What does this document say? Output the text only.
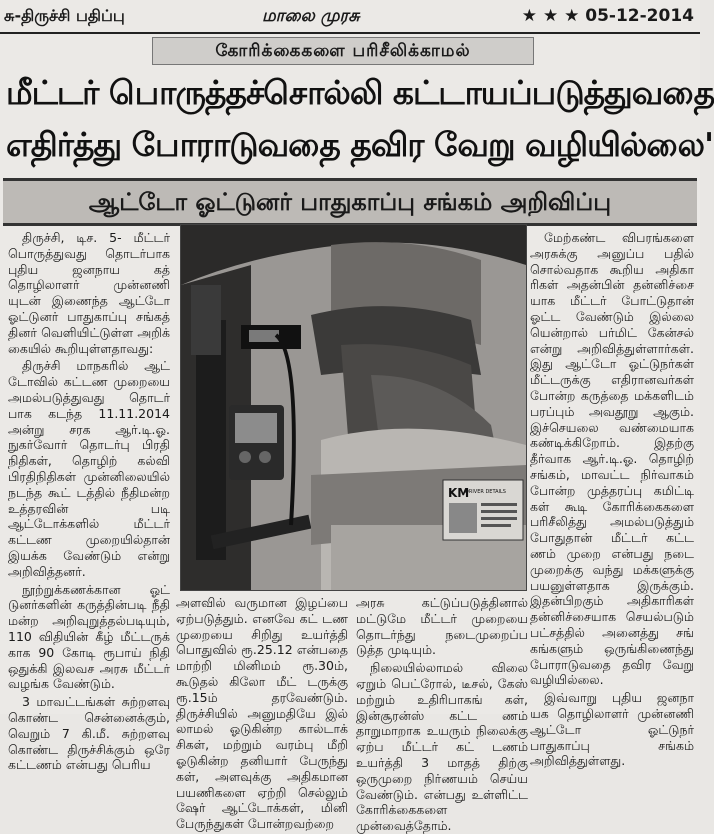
சு-திருச்சி பதிப்பு	மாலை முரசு	★ ★ ★ 05-12-2014
கோரிக்கைகளை பரிசீலிக்காமல்
மீட்டர் பொருத்தச்சொல்லி கட்டாயப்படுத்துவதை
எதிர்த்து போராடுவதை தவிர வேறு வழியில்லை'
ஆட்டோ ஓட்டுனர் பாதுகாப்பு சங்கம் அறிவிப்பு

திருச்சி, டிச. 5- மீட்டர் பொருத்துவது தொடர்பாக புதிய ஜனநாய கத் தொழிலாளர் முன்னணி யுடன் இணைந்த ஆட்டோ ஓட்டுனர் பாதுகாப்பு சங்கத் தினர் வெளியிட்டுள்ள அறிக் கையில் கூறியுள்ளதாவது:

திருச்சி மாநகரில் ஆட் டோவில் கட்டண முறையை அமல்படுத்துவது தொடர் பாக கடந்த 11.11.2014 அன்று சரக ஆர்.டி.ஓ. நுகர்வோர் தொடர்பு பிரதி நிதிகள், தொழிற் கல்வி பிரதிநிதிகள் முன்னிலையில் நடந்த கூட் டத்தில் நீதிமன்ற உத்தரவின் படி ஆட்டோக்களில் மீட்டர் கட்டண முறையில்தான் இயக்க வேண்டும் என்று அறிவித்தனர்.

நூற்றுக்கணக்கான ஓட் டுனர்களின் கருத்தின்படி நீதி மன்ற அறிவுறுத்தல்படியும், 110 விதியின் கீழ் மீட்டருக் காக 90 கோடி ரூபாய் நிதி ஒதுக்கி இலவச அரசு மீட்டர் வழங்க வேண்டும்.

3 மாவட்டங்கள் சுற்றளவு கொண்ட சென்னைக்கும், வெறும் 7 கி.மீ. சுற்றளவு கொண்ட திருச்சிக்கும் ஒரே கட்டணம் என்பது பெரிய

KM
DRIVER DETAILS

அளவில் வருமான இழப்பை ஏற்படுத்தும். எனவே கட் டண முறையை சிறிது உயர்த்தி பொதுவில் ரூ.25.12 என்பதை மாற்றி மினிமம் ரூ.30ம், கூடுதல் கிலோ மீட் டருக்கு ரூ.15ம் தரவேண்டும். திருச்சியில் அனுமதியே இல் லாமல் ஓடுகின்ற கால்டாக் சிகள், மற்றும் வரம்பு மீறி ஓடுகின்ற தனியார் பேருந்து கள், அளவுக்கு அதிகமான பயணிகளை ஏற்றி செல்லும் ஷேர் ஆட்டோக்கள், மினி பேருந்துகள் போன்றவற்றை

அரசு கட்டுப்படுத்தினால் மட்டுமே மீட்டர் முறையை தொடர்ந்து நடைமுறைப்ப டுத்த முடியும்.

நிலையில்லாமல் விலை ஏறும் பெட்ரோல், டீசல், கேஸ் மற்றும் உதிரிபாகங் கள், இன்சூரன்ஸ் கட்ட ணம் தாறுமாறாக உயரும் நிலைக்கு ஏற்ப மீட்டர் கட் டணம் உயர்த்தி 3 மாதத் திற்கு ஒருமுறை நிர்ணயம் செய்ய வேண்டும். என்பது உள்ளிட்ட கோரிக்கைகளை முன்வைத்தோம்.

மேற்கண்ட விபரங்களை அரசுக்கு அனுப்ப பதில் சொல்வதாக கூறிய அதிகா ரிகள் அதன்பின் தன்னிச்சை யாக மீட்டர் போட்டுதான் ஓட்ட வேண்டும் இல்லை யென்றால் பர்மிட் கேன்சல் என்று அறிவித்துள்ளார்கள். இது ஆட்டோ ஓட்டுநர்கள் மீட்டருக்கு எதிரானவர்கள் போன்ற கருத்தை மக்களிடம் பரப்பும் அவதூறு ஆகும். இச்செயலை வண்மையாக கண்டிக்கிறோம். இதற்கு தீர்வாக ஆர்.டி.ஓ. தொழிற் சங்கம், மாவட்ட நிர்வாகம் போன்ற முத்தரப்பு கமிட்டி கள் கூடி கோரிக்கைகளை பரிசீலித்து அமல்படுத்தும் போதுதான் மீட்டர் கட்ட ணம் முறை என்பது நடை முறைக்கு வந்து மக்களுக்கு பயனுள்ளதாக இருக்கும். இதன்பிறகும் அதிகாரிகள் தன்னிச்சையாக செயல்படும் பட்சத்தில் அனைத்து சங் கங்களும் ஒருங்கிணைந்து போராடுவதை தவிர வேறு வழியில்லை.

இவ்வாறு புதிய ஜனநா யக தொழிலாளர் முன்னணி ஆட்டோ ஓட்டுநர் பாதுகாப்பு சங்கம் அறிவித்துள்ளது.
